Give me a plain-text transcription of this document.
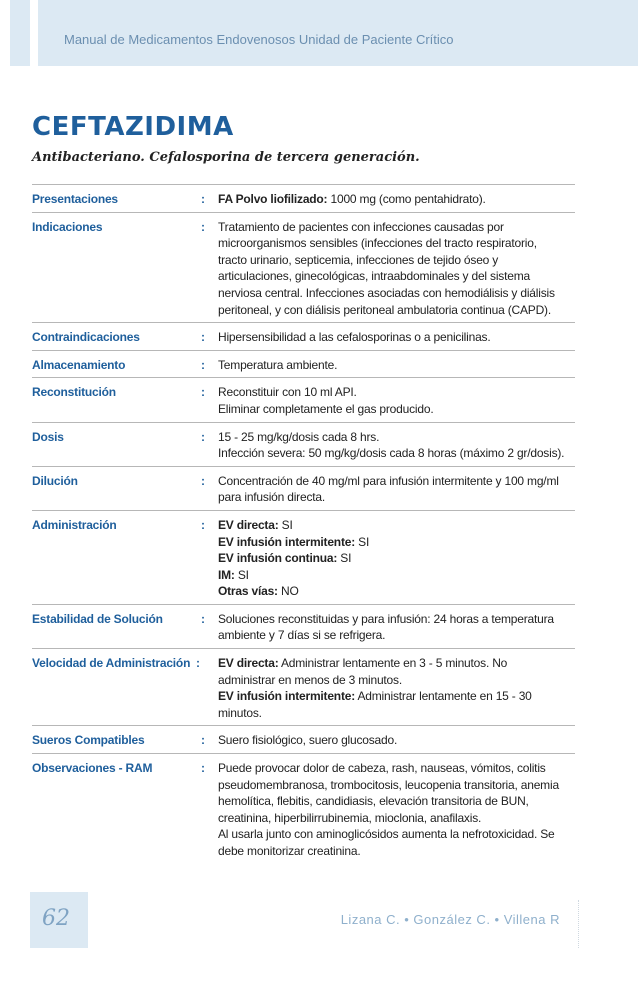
Manual de Medicamentos Endovenosos Unidad de Paciente Crítico
CEFTAZIDIMA
Antibacteriano. Cefalosporina de tercera generación.
Presentaciones	:	FA Polvo liofilizado: 1000 mg (como pentahidrato).
Indicaciones	:	Tratamiento de pacientes con infecciones causadas por
microorganismos sensibles (infecciones del tracto respiratorio,
tracto urinario, septicemia, infecciones de tejido óseo y
articulaciones, ginecológicas, intraabdominales y del sistema
nerviosa central. Infecciones asociadas con hemodiálisis y diálisis
peritoneal, y con diálisis peritoneal ambulatoria continua (CAPD).
Contraindicaciones	:	Hipersensibilidad a las cefalosporinas o a penicilinas.
Almacenamiento	:	Temperatura ambiente.
Reconstitución	:	Reconstituir con 10 ml API.
Eliminar completamente el gas producido.
Dosis	:	15 - 25 mg/kg/dosis cada 8 hrs.
Infección severa: 50 mg/kg/dosis cada 8 horas (máximo 2 gr/dosis).
Dilución	:	Concentración de 40 mg/ml para infusión intermitente y 100 mg/ml
para infusión directa.
Administración	:	EV directa: SI
EV infusión intermitente: SI
EV infusión continua: SI
IM: SI
Otras vías: NO
Estabilidad de Solución	:	Soluciones reconstituidas y para infusión: 24 horas a temperatura
ambiente y 7 días si se refrigera.
Velocidad de Administración :	EV directa: Administrar lentamente en 3 - 5 minutos. No
administrar en menos de 3 minutos.
EV infusión intermitente: Administrar lentamente en 15 - 30
minutos.
Sueros Compatibles	:	Suero fisiológico, suero glucosado.
Observaciones - RAM	:	Puede provocar dolor de cabeza, rash, nauseas, vómitos, colitis
pseudomembranosa, trombocitosis, leucopenia transitoria, anemia
hemolítica, flebitis, candidiasis, elevación transitoria de BUN,
creatinina, hiperbilirrubinemia, mioclonia, anafilaxis.
Al usarla junto con aminoglicósidos aumenta la nefrotoxicidad. Se
debe monitorizar creatinina.
62	Lizana C. • González C. • Villena R
